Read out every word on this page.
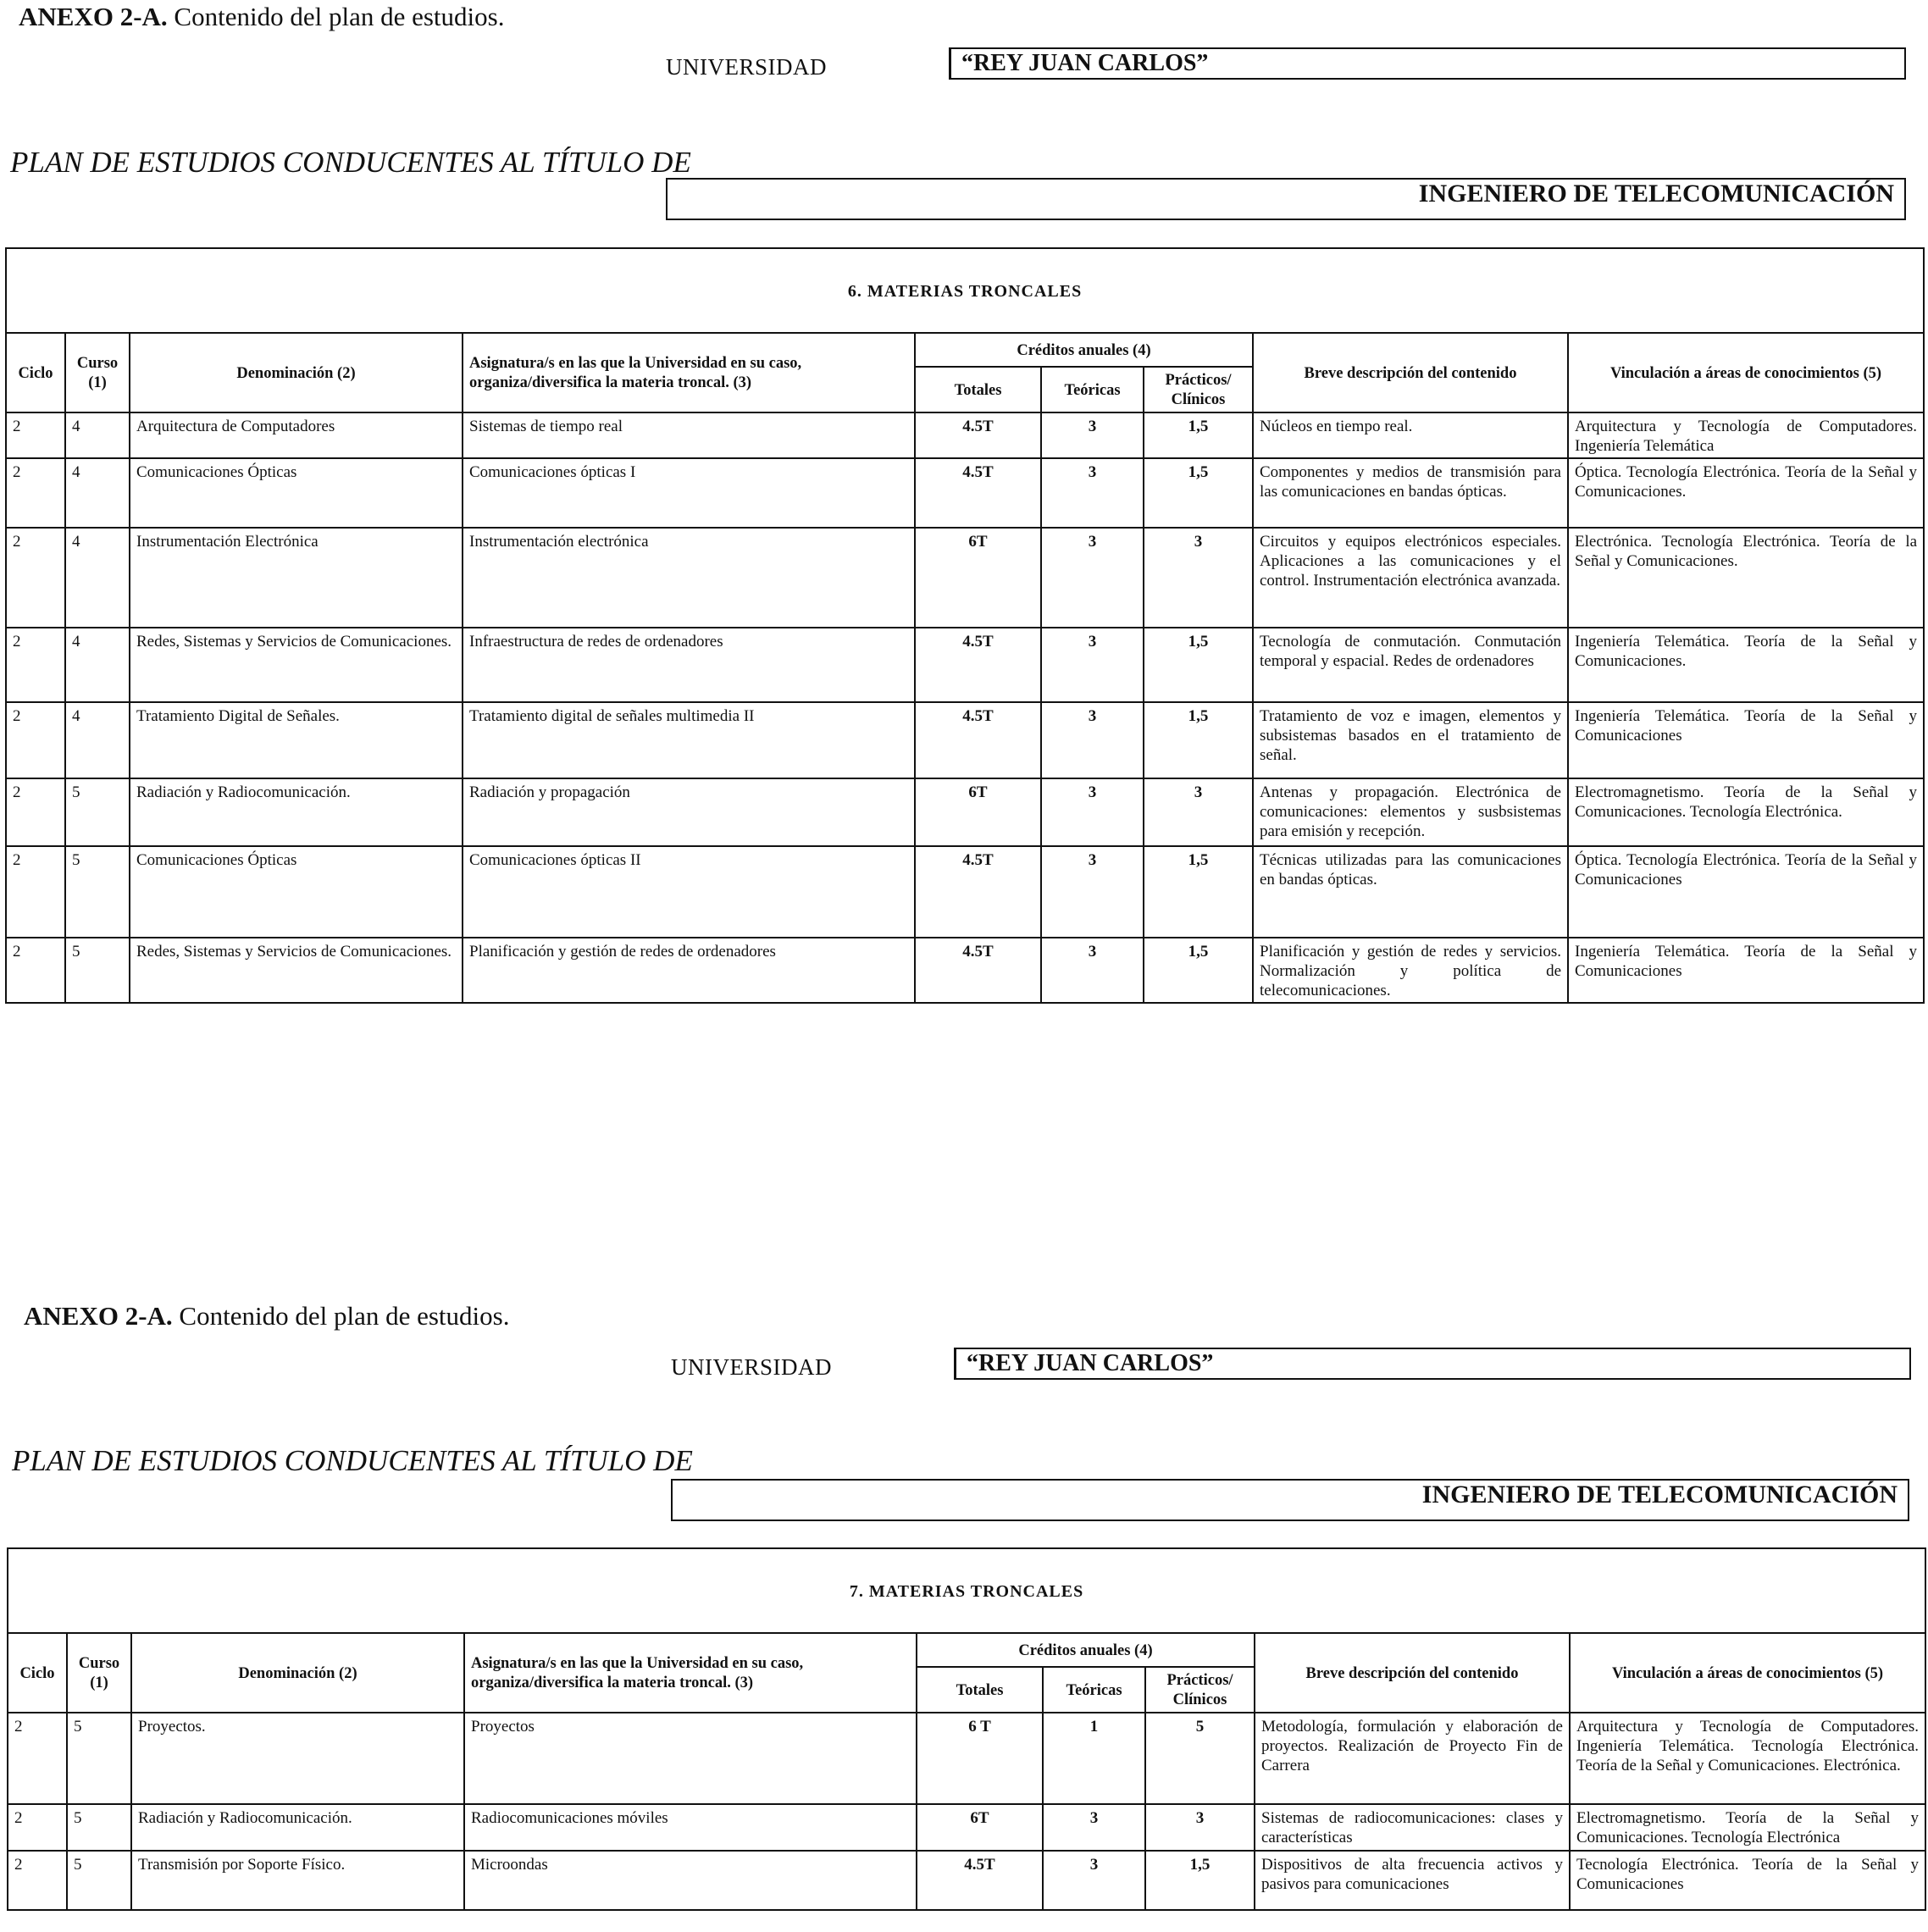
ANEXO 2-A. Contenido del plan de estudios.
UNIVERSIDAD	“REY JUAN CARLOS”
PLAN DE ESTUDIOS CONDUCENTES AL TÍTULO DE
INGENIERO DE TELECOMUNICACIÓN
6. MATERIAS TRONCALES								
Ciclo	Curso (1)	Denominación (2)	Asignatura/s en las que la Universidad en su caso, organiza/diversifica la materia troncal. (3)	Créditos anuales (4)			Breve descripción del contenido	Vinculación a áreas de conocimientos (5)
				Totales	Teóricas	Prácticos/ Clínicos		
2	4	Arquitectura de Computadores	Sistemas de tiempo real	4.5T	3	1,5	Núcleos en tiempo real.	Arquitectura y Tecnología de Computadores. Ingeniería Telemática
2	4	Comunicaciones Ópticas	Comunicaciones ópticas I	4.5T	3	1,5	Componentes y medios de transmisión para las comunicaciones en bandas ópticas.	Óptica. Tecnología Electrónica. Teoría de la Señal y Comunicaciones.
2	4	Instrumentación Electrónica	Instrumentación electrónica	6T	3	3	Circuitos y equipos electrónicos especiales. Aplicaciones a las comunicaciones y el control. Instrumentación electrónica avanzada.	Electrónica. Tecnología Electrónica. Teoría de la Señal y Comunicaciones.
2	4	Redes, Sistemas y Servicios de Comunicaciones.	Infraestructura de redes de ordenadores	4.5T	3	1,5	Tecnología de conmutación. Conmutación temporal y espacial. Redes de ordenadores	Ingeniería Telemática. Teoría de la Señal y Comunicaciones.
2	4	Tratamiento Digital de Señales.	Tratamiento digital de señales multimedia II	4.5T	3	1,5	Tratamiento de voz e imagen, elementos y subsistemas basados en el tratamiento de señal.	Ingeniería Telemática. Teoría de la Señal y Comunicaciones
2	5	Radiación y Radiocomunicación.	Radiación y propagación	6T	3	3	Antenas y propagación. Electrónica de comunicaciones: elementos y susbsistemas para emisión y recepción.	Electromagnetismo. Teoría de la Señal y Comunicaciones. Tecnología Electrónica.
2	5	Comunicaciones Ópticas	Comunicaciones ópticas II	4.5T	3	1,5	Técnicas utilizadas para las comunicaciones en bandas ópticas.	Óptica. Tecnología Electrónica. Teoría de la Señal y Comunicaciones
2	5	Redes, Sistemas y Servicios de Comunicaciones.	Planificación y gestión de redes de ordenadores	4.5T	3	1,5	Planificación y gestión de redes y servicios. Normalización y política de telecomunicaciones.	Ingeniería Telemática. Teoría de la Señal y Comunicaciones
ANEXO 2-A. Contenido del plan de estudios.
UNIVERSIDAD	“REY JUAN CARLOS”
PLAN DE ESTUDIOS CONDUCENTES AL TÍTULO DE
INGENIERO DE TELECOMUNICACIÓN
7. MATERIAS TRONCALES								
Ciclo	Curso (1)	Denominación (2)	Asignatura/s en las que la Universidad en su caso, organiza/diversifica la materia troncal. (3)	Créditos anuales (4)			Breve descripción del contenido	Vinculación a áreas de conocimientos (5)
				Totales	Teóricas	Prácticos/ Clínicos		
2	5	Proyectos.	Proyectos	6 T	1	5	Metodología, formulación y elaboración de proyectos. Realización de Proyecto Fin de Carrera	Arquitectura y Tecnología de Computadores. Ingeniería Telemática. Tecnología Electrónica. Teoría de la Señal y Comunicaciones. Electrónica.
2	5	Radiación y Radiocomunicación.	Radiocomunicaciones móviles	6T	3	3	Sistemas de radiocomunicaciones: clases y características	Electromagnetismo. Teoría de la Señal y Comunicaciones. Tecnología Electrónica
2	5	Transmisión por Soporte Físico.	Microondas	4.5T	3	1,5	Dispositivos de alta frecuencia activos y pasivos para comunicaciones	Tecnología Electrónica. Teoría de la Señal y Comunicaciones
